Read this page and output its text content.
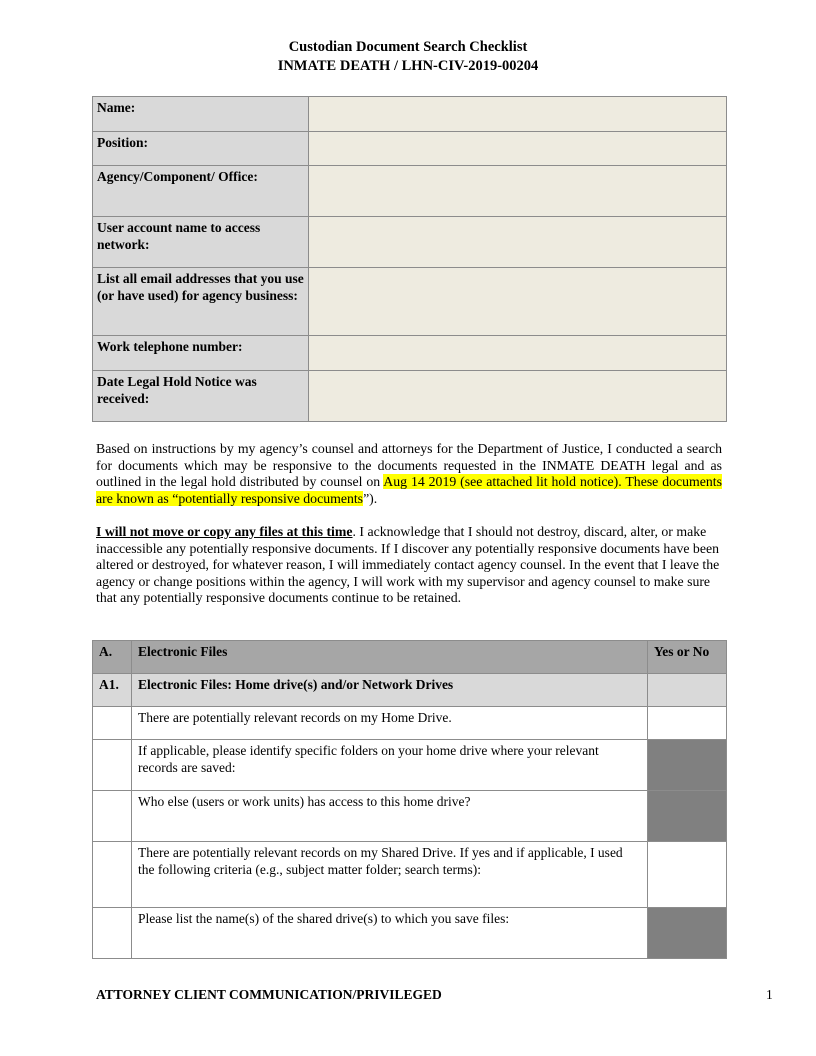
Custodian Document Search Checklist
INMATE DEATH / LHN-CIV-2019-00204
Name:	
Position:	
Agency/Component/ Office:	
User account name to access network:	
List all email addresses that you use (or have used) for agency business:	
Work telephone number:	
Date Legal Hold Notice was received:	
Based on instructions by my agency’s counsel and attorneys for the Department of Justice, I conducted a search for documents which may be responsive to the documents requested in the INMATE DEATH legal and as outlined in the legal hold distributed by counsel on Aug 14 2019 (see attached lit hold notice). These documents are known as “potentially responsive documents”).
I will not move or copy any files at this time. I acknowledge that I should not destroy, discard, alter, or make inaccessible any potentially responsive documents. If I discover any potentially responsive documents have been altered or destroyed, for whatever reason, I will immediately contact agency counsel. In the event that I leave the agency or change positions within the agency, I will work with my supervisor and agency counsel to make sure that any potentially responsive documents continue to be retained.
A.	Electronic Files	Yes or No
A1.	Electronic Files: Home drive(s) and/or Network Drives	
	There are potentially relevant records on my Home Drive.	
	If applicable, please identify specific folders on your home drive where your relevant records are saved:	
	Who else (users or work units) has access to this home drive?	
	There are potentially relevant records on my Shared Drive. If yes and if applicable, I used the following criteria (e.g., subject matter folder; search terms):	
	Please list the name(s) of the shared drive(s) to which you save files:	
ATTORNEY CLIENT COMMUNICATION/PRIVILEGED	1
